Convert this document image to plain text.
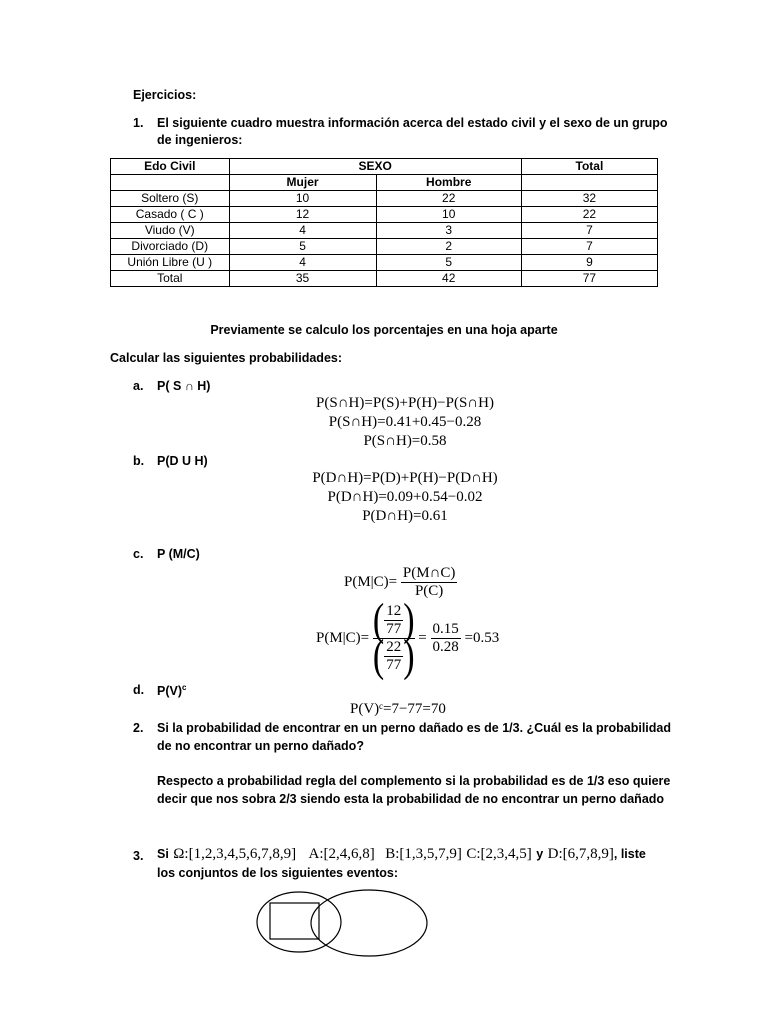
Ejercicios:
1. El siguiente cuadro muestra información acerca del estado civil y el sexo de un grupo
de ingenieros:
Edo Civil	SEXO		Total
	Mujer	Hombre	
Soltero (S)	10	22	32
Casado ( C )	12	10	22
Viudo (V)	4	3	7
Divorciado (D)	5	2	7
Unión Libre (U )	4	5	9
Total	35	42	77
Previamente se calculo los porcentajes en una hoja aparte
Calcular las siguientes probabilidades:
a. P( S ∩ H)
P(S∩H)=P(S)+P(H)−P(S∩H)
P(S∩H)=0.41+0.45−0.28
P(S∩H)=0.58
b. P(D U H)
P(D∩H)=P(D)+P(H)−P(D∩H)
P(D∩H)=0.09+0.54−0.02
P(D∩H)=0.61
c. P (M/C)
$P(M|C)= \frac{P(M\cap C)}{P(C)}$
$P(M|C)= \frac{( \frac{12}{77} )}{( \frac{22}{77} )} = \frac{0.15}{0.28} =0.53$
d. $P(V)^c$
P(V)ᶜ=7−77=70
2. Si la probabilidad de encontrar en un perno dañado es de 1/3. ¿Cuál es la probabilidad
de no encontrar un perno dañado?
Respecto a probabilidad regla del complemento si la probabilidad es de 1/3 eso quiere
decir que nos sobra 2/3 siendo esta la probabilidad de no encontrar un perno dañado
3. Si Ω:[1,2,3,4,5,6,7,8,9] A:[2,4,6,8] B:[1,3,5,7,9] C:[2,3,4,5] y D:[6,7,8,9], liste
los conjuntos de los siguientes eventos:
